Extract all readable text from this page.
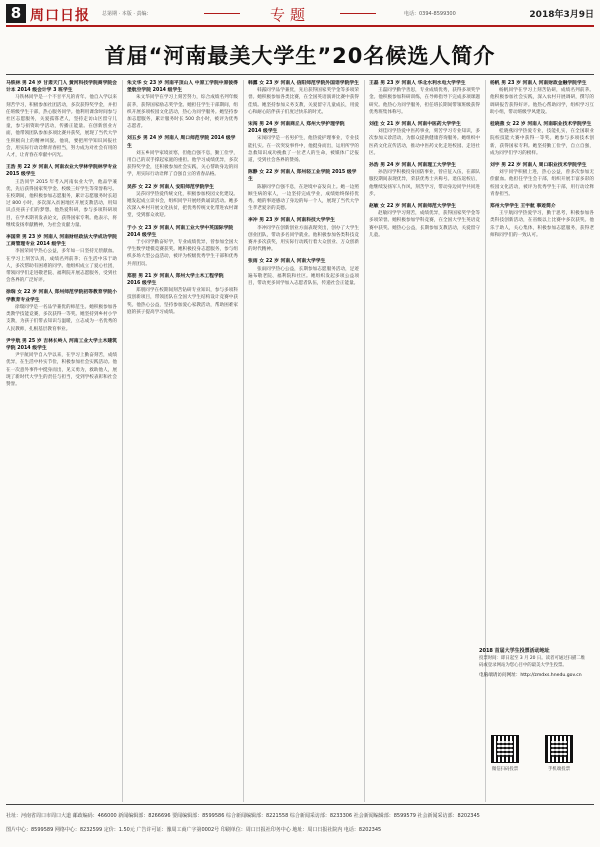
8 周口日报 总第期 · 本版 · 责编：	专题	电话：0394-8599300	2018年3月9日
首届“河南最美大学生”20名候选人简介
马铁林 男 24 岁 甘肃天门人 黄河科技学院商学院会计本 2014 级会计学 3 班学生
马铁林同学是一个不甘平凡的青年。他自入学以来刻苦学习，积极参加社团活动，多次获得奖学金，并担任班级学生干部，热心服务同学。他利用课余时间参与社区志愿服务，关爱孤寡老人，坚持走访山区留守儿童，参与捐资助学活动，传播正能量。在创新创业方面，他带领团队参加多项比赛并获奖，展现了当代大学生积极向上的精神风貌。他说，要把所学知识回报社会，用实际行动诠释青春担当，努力成为对社会有用的人才，让青春在奉献中闪光。
王浩 男 22 岁 河南人 河南农业大学林学院林学专业 2015 级学生
王浩同学 2015 年考入河南农业大学，他品学兼优，先后获得国家奖学金、校级三好学生等荣誉称号。在校期间，他积极参加志愿服务，累计志愿服务时长超过 800 小时，多次深入贫困地区开展支教活动，用知识点亮孩子们的梦想。他热爱科研，参与多项科研项目，在学术期刊发表论文，获得国家专利。他表示，将继续发扬奉献精神，为社会贡献力量。
李国荣 男 23 岁 河南人 河南财经政法大学成功学院工商管理专业 2014 级学生
李国荣同学热心公益，多年如一日坚持无偿献血。在学习上刻苦认真，成绩名列前茅；在生活中乐于助人，多次帮助有困难的同学。他组织成立了爱心社团，带领同学们走进敬老院、福利院开展志愿服务，受到社会各界的广泛好评。
徐瑞 女 22 岁 河南人 郑州师范学院初等教育学院小学教育专业学生
徐瑞同学是一名品学兼优的师范生。她积极参加各类教学技能竞赛，多次获得一等奖。她坚持到乡村小学支教，为孩子们带去知识与温暖，立志成为一名优秀的人民教师，扎根基层教育事业。
尹宇航 男 25 岁 吉林长岭人 河南工业大学土木建筑学院 2014 级学生
尹宇航同学自入学以来，在学习上勤奋刻苦，成绩优异，在生活中朴实节俭，积极参加社会实践活动。他在一次意外事件中挺身而出，见义勇为，救助他人，展现了新时代大学生的责任与担当，受到学校表彰和社会赞誉。
朱文华 女 23 岁 河南平顶山人 中原工学院中原彼得堡航空学院 2014 级学生
朱文华同学在学习上刻苦努力，综合成绩名列年级前茅，获得国家励志奖学金。她担任学生干部期间，组织开展多项校园文化活动，热心为同学服务。她坚持参加志愿服务，累计服务时长 500 余小时，被评为优秀志愿者。
刘五乡 男 24 岁 河南人 周口师范学院 2014 级学生
刘五乡同学家境贫寒，但他自强不息，勤工俭学，用自己的双手撑起家庭的重担。他学习成绩优异，多次获得奖学金，还积极参加社会实践，关心帮助身边的同学，用实际行动诠释了自强自立的青春品格。
吴莎 女 22 岁 河南人 安阳师范学院学生
吴莎同学热爱传统文化，积极参加校园文化建设。她发起成立读书会，组织同学开展经典诵读活动。她多次深入乡村开展文化扶贫，把优秀传统文化带进农村课堂，受到群众欢迎。
于小 女 23 岁 河南人 河南工业大学中英国际学院 2014 级学生
于小同学勤奋好学，专业成绩优异，曾参加全国大学生数学建模竞赛获奖。她积极投身志愿服务，参与组织多场大型公益活动，被评为校级优秀学生干部和优秀共青团员。
郑朋 男 21 岁 河南人 郑州大学土木工程学院 2016 级学生
郑朋同学在校期间刻苦钻研专业知识，参与多项科技创新项目，带领团队在全国大学生结构设计竞赛中获奖。他热心公益，坚持参加爱心家教活动，帮助困难家庭的孩子提高学习成绩。
韩露 女 23 岁 河南人 信阳师范学院外国语学院学生
韩露同学品学兼优，先后获得国家奖学金等多项荣誉。她积极参加各类比赛，在全国英语演讲比赛中获得佳绩。她坚持参加义务支教，关爱留守儿童成长，用爱心和耐心陪伴孩子们度过快乐的时光。
宋闯 男 24 岁 河南商丘人 郑州大学护理学院 2014 级学生
宋闯同学是一名男护生，他热爱护理事业，专业技能扎实。在一次突发事件中，他挺身而出，运用所学的急救知识成功挽救了一位老人的生命，被媒体广泛报道，受到社会各界的赞扬。
陈静 女 22 岁 河南人 郑州轻工业学院 2015 级学生
陈静同学自强不息，在逆境中奋发向上。她一边照顾生病的家人，一边坚持完成学业，成绩始终保持优秀。她的事迹感动了身边的每一个人，展现了当代大学生孝老爱亲的美德。
李冲 男 23 岁 河南人 河南科技大学学生
李冲同学在创新创业方面表现突出，创办了大学生创业团队，带动多名同学就业。他积极参加各类科技竞赛并多次获奖，用实际行动践行着大众创业、万众创新的时代精神。
张雨 女 22 岁 河南人 河南大学学生
张雨同学热心公益，长期参加志愿服务活动，足迹遍布敬老院、福利院和社区。她组织发起多项公益项目，带动更多同学加入志愿者队伍，传递社会正能量。
王磊 男 23 岁 河南人 华北水利水电大学学生
王磊同学勤学善思，专业成绩优秀，获得多项奖学金。他积极参加科研训练，在导师指导下完成多项课题研究。他热心为同学服务，担任班长期间带领班级获得优秀班集体称号。
刘佳 女 21 岁 河南人 河南中医药大学学生
刘佳同学热爱中医药事业，刻苦学习专业知识，多次参加义诊活动，为群众提供健康咨询服务。她组织中医药文化宣传活动，推动中医药文化走进校园、走进社区。
孙浩 男 24 岁 河南人 河南理工大学学生
孙浩同学积极投身国防事业，曾应征入伍，在部队服役期间表现优异，荣获优秀士兵称号。退伍返校后，他继续发扬军人作风，刻苦学习，带动身边同学共同进步。
赵敏 女 22 岁 河南人 河南师范大学学生
赵敏同学学习刻苦，成绩优异，获得国家奖学金等多项荣誉。她积极参加学科竞赛，在全国大学生英语竞赛中获奖。她热心公益，长期参加支教活动，关爱留守儿童。
杨帆 男 23 岁 河南人 河南财政金融学院学生
杨帆同学在学习上刻苦钻研，成绩名列前茅。他积极参加社会实践，深入农村开展调研，撰写的调研报告获得好评。他热心帮助同学，组织学习互助小组，带动班级学风建设。
桂晓燕 女 22 岁 河南人 河南职业技术学院学生
桂晓燕同学热爱专业，技能扎实，在全国职业院校技能大赛中获得一等奖。她参与多项技术创新，获得国家专利。她坚持勤工俭学，自立自强，成为同学们学习的榜样。
刘宇 男 22 岁 河南人 周口职业技术学院学生
刘宇同学积极上进，热心公益，曾多次参加无偿献血。他担任学生会干部，组织开展丰富多彩的校园文化活动，被评为优秀学生干部，用行动诠释青春担当。
郑州大学学生 王宇航 事迹简介
王宇航同学热爱学习，勤于思考，积极参加各类科技创新活动，在省级以上比赛中多次获奖。他乐于助人，关心集体，积极参加志愿服务，获得老师和同学们的一致认可。
2018 首届大学生投票活动地址
投票时间：即日起至 3 月 20 日。读者可通过扫描二维码或登录网站为您心目中的最美大学生投票。
电脑端请访问网址：http://zmdxs.hnedu.gov.cn
微信扫码投票	手机端投票
社址：河南省周口市周口大道 邮政编码：466000 新闻编辑部：8266696 要闻编辑部：8599586 综合新闻编辑部：8221558 综合新闻采访部：8233306 社会新闻编辑部：8599579 社会新闻采访部：8202345
图片中心：8599589 网络中心：8232599 定价：1.50元 广告许可证：豫周工商广字第0002号 印刷单位：周口日报社印务中心 地址：周口日报社院内 电话：8202345
